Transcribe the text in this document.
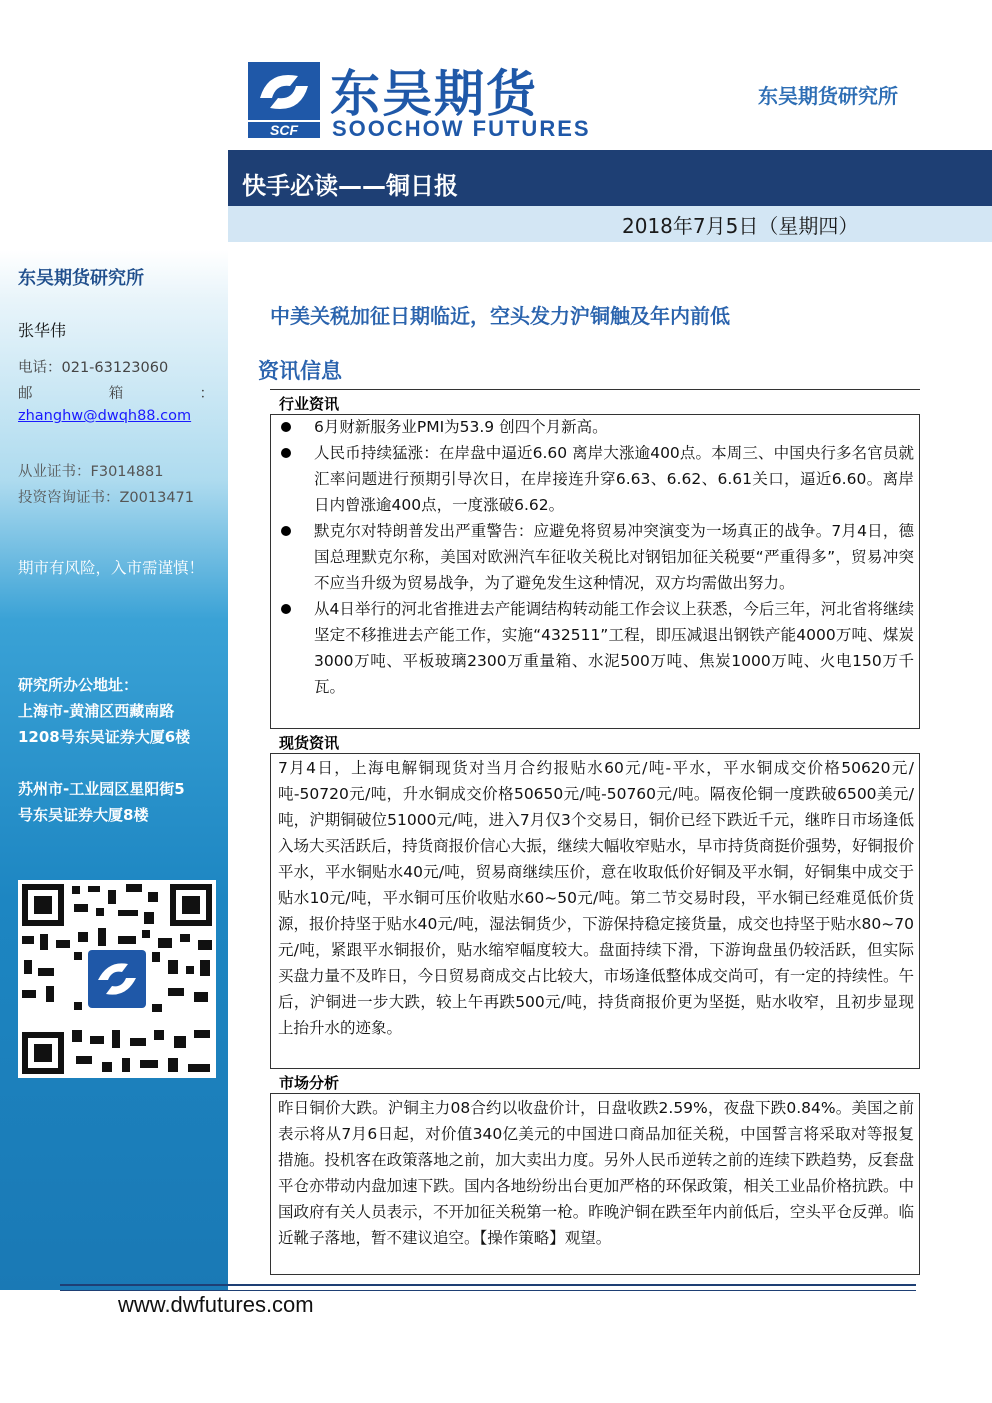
东吴期货研究所
张华伟
电话：021-63123060
邮	箱	：
zhanghw@dwqh88.com
从业证书：F3014881
投资咨询证书：Z0013471
期市有风险，入市需谨慎！
研究所办公地址：
上海市-黄浦区西藏南路
1208号东吴证券大厦6楼
苏州市-工业园区星阳街5
号东吴证券大厦8楼
SCF
东吴期货
SOOCHOW FUTURES
东吴期货研究所
快手必读——铜日报
2018年7月5日（星期四）
中美关税加征日期临近，空头发力沪铜触及年内前低
资讯信息
行业资讯
6月财新服务业PMI为53.9 创四个月新高。
人民币持续猛涨：在岸盘中逼近6.60 离岸大涨逾400点。本周三、中国央行多名官员就汇率问题进行预期引导次日，在岸接连升穿6.63、6.62、6.61关口，逼近6.60。离岸日内曾涨逾400点，一度涨破6.62。
默克尔对特朗普发出严重警告：应避免将贸易冲突演变为一场真正的战争。7月4日，德国总理默克尔称，美国对欧洲汽车征收关税比对钢铝加征关税要“严重得多”，贸易冲突不应当升级为贸易战争，为了避免发生这种情况，双方均需做出努力。
从4日举行的河北省推进去产能调结构转动能工作会议上获悉，今后三年，河北省将继续坚定不移推进去产能工作，实施“432511”工程，即压减退出钢铁产能4000万吨、煤炭3000万吨、平板玻璃2300万重量箱、水泥500万吨、焦炭1000万吨、火电150万千瓦。
现货资讯

7月4日，上海电解铜现货对当月合约报贴水60元/吨-平水，平水铜成交价格50620元/吨-50720元/吨，升水铜成交价格50650元/吨-50760元/吨。隔夜伦铜一度跌破6500美元/吨，沪期铜破位51000元/吨，进入7月仅3个交易日，铜价已经下跌近千元，继昨日市场逢低入场大买活跃后，持货商报价信心大振，继续大幅收窄贴水，早市持货商挺价强势，好铜报价平水，平水铜贴水40元/吨，贸易商继续压价，意在收取低价好铜及平水铜，好铜集中成交于贴水10元/吨，平水铜可压价收贴水60~50元/吨。第二节交易时段，平水铜已经难觅低价货源，报价持坚于贴水40元/吨，湿法铜货少，下游保持稳定接货量，成交也持坚于贴水80~70元/吨，紧跟平水铜报价，贴水缩窄幅度较大。盘面持续下滑，下游询盘虽仍较活跃，但实际买盘力量不及昨日，今日贸易商成交占比较大，市场逢低整体成交尚可，有一定的持续性。午后，沪铜进一步大跌，较上午再跌500元/吨，持货商报价更为坚挺，贴水收窄，且初步显现上抬升水的迹象。

市场分析

昨日铜价大跌。沪铜主力08合约以收盘价计，日盘收跌2.59%，夜盘下跌0.84%。美国之前表示将从7月6日起，对价值340亿美元的中国进口商品加征关税，中国誓言将采取对等报复措施。投机客在政策落地之前，加大卖出力度。另外人民币逆转之前的连续下跌趋势，反套盘平仓亦带动内盘加速下跌。国内各地纷纷出台更加严格的环保政策，相关工业品价格抗跌。中国政府有关人员表示，不开加征关税第一枪。昨晚沪铜在跌至年内前低后，空头平仓反弹。临近靴子落地，暂不建议追空。【操作策略】观望。

www.dwfutures.com
